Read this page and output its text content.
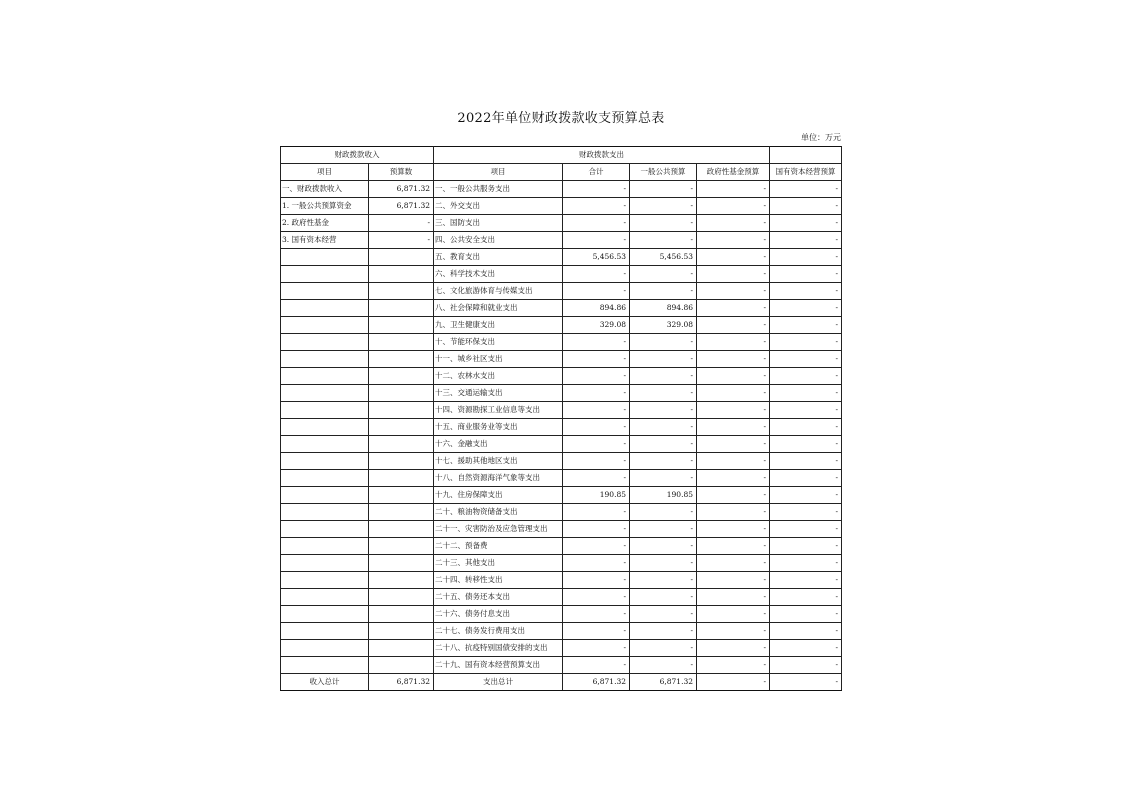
2022年单位财政拨款收支预算总表
单位：万元
财政拨款收入		财政拨款支出				
项目	预算数	项目	合计	一般公共预算	政府性基金预算	国有资本经营预算
一、财政拨款收入	6,871.32	一、一般公共服务支出	-	-	-	-
1. 一般公共预算资金	6,871.32	二、外交支出	-	-	-	-
2. 政府性基金	-	三、国防支出	-	-	-	-
3. 国有资本经营	-	四、公共安全支出	-	-	-	-
		五、教育支出	5,456.53	5,456.53	-	-
		六、科学技术支出	-	-	-	-
		七、文化旅游体育与传媒支出	-	-	-	-
		八、社会保障和就业支出	894.86	894.86	-	-
		九、卫生健康支出	329.08	329.08	-	-
		十、节能环保支出	-	-	-	-
		十一、城乡社区支出	-	-	-	-
		十二、农林水支出	-	-	-	-
		十三、交通运输支出	-	-	-	-
		十四、资源勘探工业信息等支出	-	-	-	-
		十五、商业服务业等支出	-	-	-	-
		十六、金融支出	-	-	-	-
		十七、援助其他地区支出	-	-	-	-
		十八、自然资源海洋气象等支出	-	-	-	-
		十九、住房保障支出	190.85	190.85	-	-
		二十、粮油物资储备支出	-	-	-	-
		二十一、灾害防治及应急管理支出	-	-	-	-
		二十二、预备费	-	-	-	-
		二十三、其他支出	-	-	-	-
		二十四、转移性支出	-	-	-	-
		二十五、债务还本支出	-	-	-	-
		二十六、债务付息支出	-	-	-	-
		二十七、债务发行费用支出	-	-	-	-
		二十八、抗疫特别国债安排的支出	-	-	-	-
		二十九、国有资本经营预算支出	-	-	-	-
收入总计	6,871.32	支出总计	6,871.32	6,871.32	-	-
